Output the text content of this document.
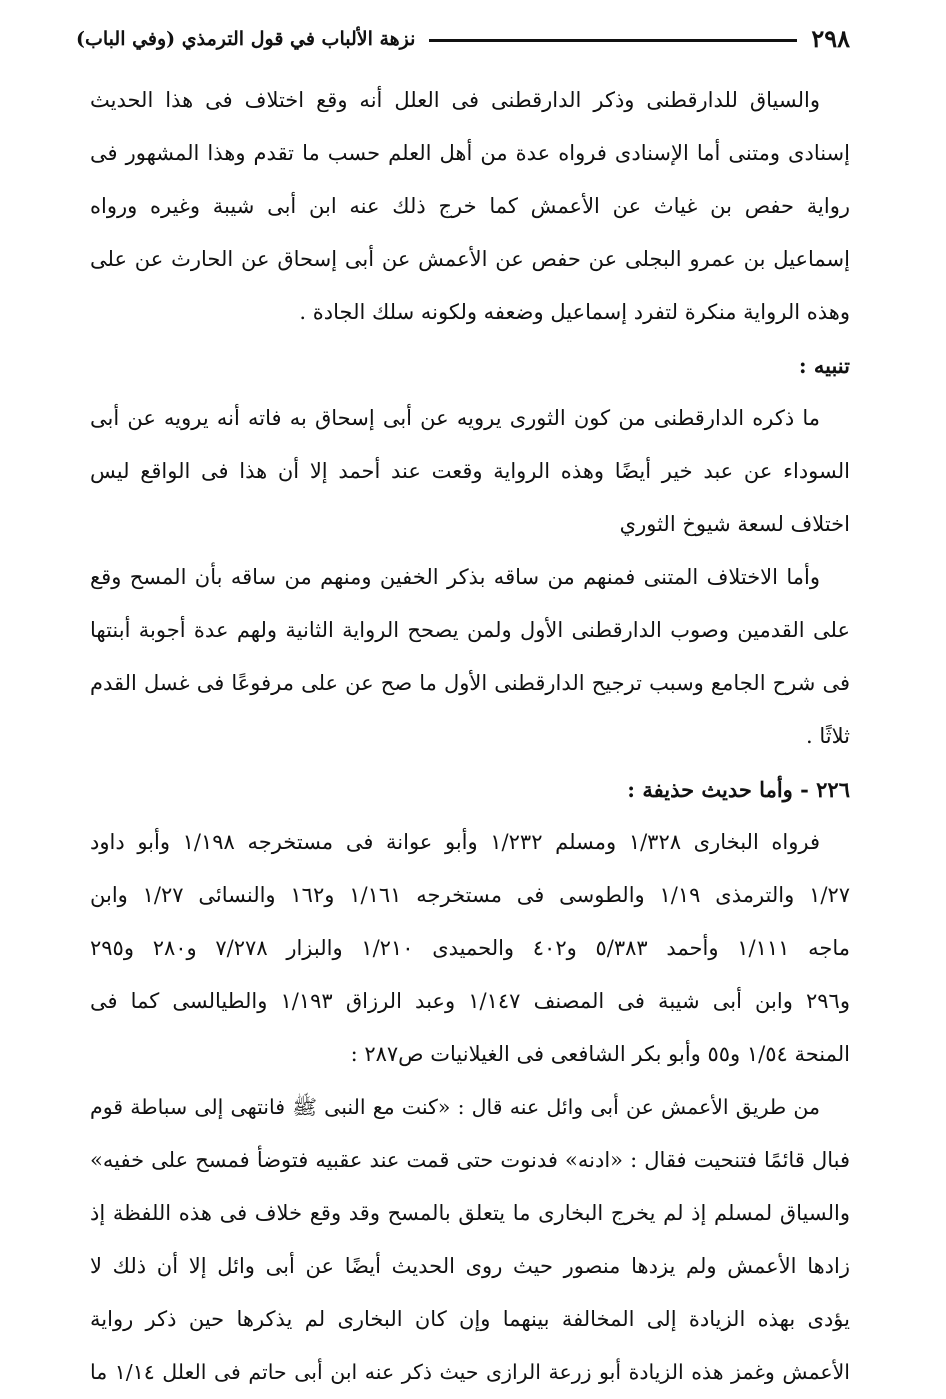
٢٩٨
نزهة الألباب في قول الترمذي (وفي الباب)
والسياق للدارقطنى وذكر الدارقطنى فى العلل أنه وقع اختلاف فى هذا الحديث
إسنادى ومتنى أما الإسنادى فرواه عدة من أهل العلم حسب ما تقدم وهذا المشهور فى
رواية حفص بن غياث عن الأعمش كما خرج ذلك عنه ابن أبى شيبة وغيره ورواه
إسماعيل بن عمرو البجلى عن حفص عن الأعمش عن أبى إسحاق عن الحارث عن على
وهذه الرواية منكرة لتفرد إسماعيل وضعفه ولكونه سلك الجادة .
تنبيه :
ما ذكره الدارقطنى من كون الثورى يرويه عن أبى إسحاق به فاته أنه يرويه عن أبى
السوداء عن عبد خير أيضًا وهذه الرواية وقعت عند أحمد إلا أن هذا فى الواقع ليس
اختلاف لسعة شيوخ الثوري
وأما الاختلاف المتنى فمنهم من ساقه بذكر الخفين ومنهم من ساقه بأن المسح وقع
على القدمين وصوب الدارقطنى الأول ولمن يصحح الرواية الثانية ولهم عدة أجوبة أبنتها
فى شرح الجامع وسبب ترجيح الدارقطنى الأول ما صح عن على مرفوعًا فى غسل القدم
ثلاثًا .
٢٢٦ - وأما حديث حذيفة :
فرواه البخارى ١/٣٢٨ ومسلم ١/٢٣٢ وأبو عوانة فى مستخرجه ١/١٩٨ وأبو داود
١/٢٧ والترمذى ١/١٩ والطوسى فى مستخرجه ١/١٦١ و١٦٢ والنسائى ١/٢٧ وابن
ماجه ١/١١١ وأحمد ٥/٣٨٣ و٤٠٢ والحميدى ١/٢١٠ والبزار ٧/٢٧٨ و٢٨٠ و٢٩٥
و٢٩٦ وابن أبى شيبة فى المصنف ١/١٤٧ وعبد الرزاق ١/١٩٣ والطيالسى كما فى
المنحة ١/٥٤ و٥٥ وأبو بكر الشافعى فى الغيلانيات ص٢٨٧ :
من طريق الأعمش عن أبى وائل عنه قال : «كنت مع النبى ﷺ فانتهى إلى سباطة قوم
فبال قائمًا فتنحيت فقال : «ادنه» فدنوت حتى قمت عند عقبيه فتوضأ فمسح على خفيه»
والسياق لمسلم إذ لم يخرج البخارى ما يتعلق بالمسح وقد وقع خلاف فى هذه اللفظة إذ
زادها الأعمش ولم يزدها منصور حيث روى الحديث أيضًا عن أبى وائل إلا أن ذلك لا
يؤدى بهذه الزيادة إلى المخالفة بينهما وإن كان البخارى لم يذكرها حين ذكر رواية
الأعمش وغمز هذه الزيادة أبو زرعة الرازى حيث ذكر عنه ابن أبى حاتم فى العلل ١/١٤ ما
